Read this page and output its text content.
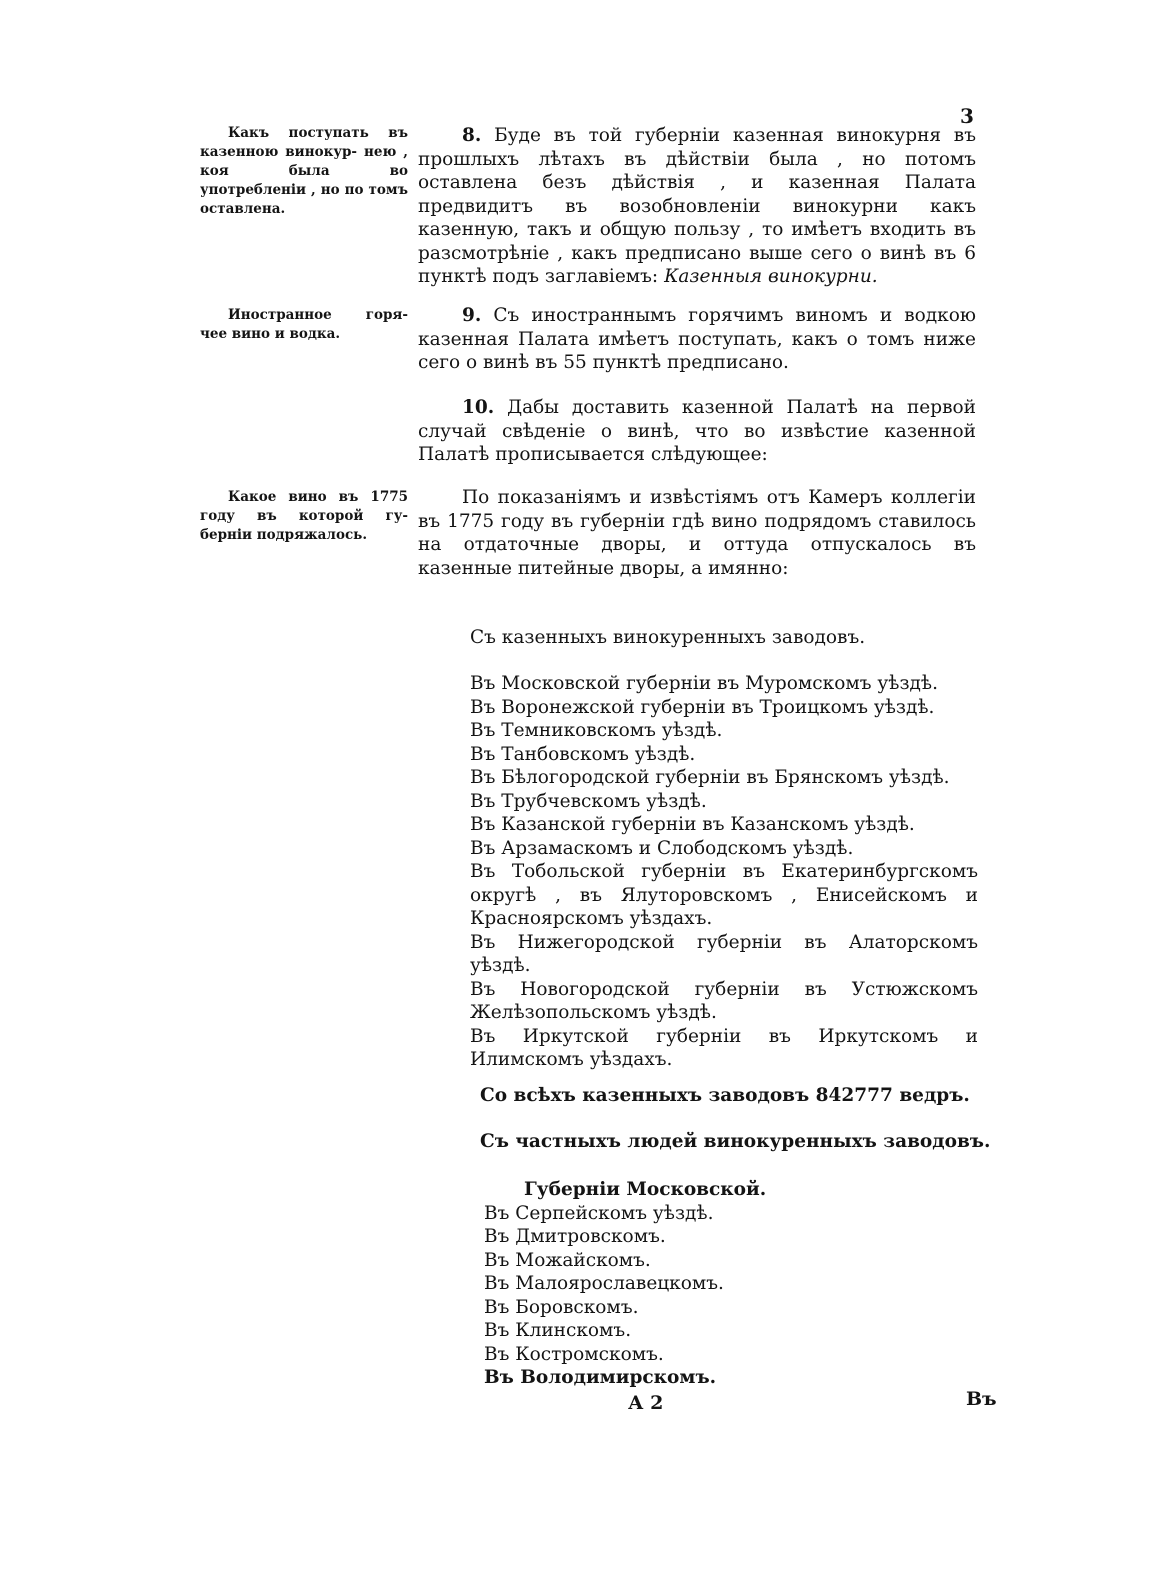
3
Какъ поступать въ казенною винокур- нею , коя была во употребленіи , но по томъ оставлена.
Иностранное горя- чее вино и водка.
Какое вино въ 1775 году въ которой гу- берніи подряжалось.

8. Буде въ той губерніи казенная винокурня въ прошлыхъ лѣтахъ въ дѣйствіи была , но потомъ оставлена безъ дѣйствія , и казенная Палата предвидитъ въ возобновленіи винокурни какъ казенную, такъ и общую пользу , то имѣетъ входить въ разсмотрѣніе , какъ предписано выше сего о винѣ въ 6 пунктѣ подъ заглавіемъ: Казенныя винокурни.

9. Съ иностраннымъ горячимъ виномъ и водкою казенная Палата имѣетъ поступать, какъ о томъ ниже сего о винѣ въ 55 пунктѣ предписано.

10. Дабы доставить казенной Палатѣ на первой случай свѣденіе о винѣ, что во извѣстие казенной Палатѣ прописывается слѣдующее:

По показаніямъ и извѣстіямъ отъ Камеръ коллегіи въ 1775 году въ губерніи гдѣ вино подрядомъ ставилось на отдаточные дворы, и оттуда отпускалось въ казенные питейные дворы, а имянно:

Съ казенныхъ винокуренныхъ заводовъ.

Въ Московской губерніи въ Муромскомъ уѣздѣ.

Въ Воронежской губерніи въ Троицкомъ уѣздѣ.

Въ Темниковскомъ уѣздѣ.

Въ Танбовскомъ уѣздѣ.

Въ Бѣлогородской губерніи въ Брянскомъ уѣздѣ.

Въ Трубчевскомъ уѣздѣ.

Въ Казанской губерніи въ Казанскомъ уѣздѣ.

Въ Арзамаскомъ и Слободскомъ уѣздѣ.

Въ Тобольской губерніи въ Екатеринбургскомъ округѣ , въ Ялуторовскомъ , Енисейскомъ и Красноярскомъ уѣздахъ.

Въ Нижегородской губерніи въ Алаторскомъ уѣздѣ.

Въ Новогородской губерніи въ Устюжскомъ Желѣзопольскомъ уѣздѣ.

Въ Иркутской губерніи въ Иркутскомъ и Илимскомъ уѣздахъ.

Со всѣхъ казенныхъ заводовъ 842777 ведръ.

Съ частныхъ людей винокуренныхъ заводовъ.

Губерніи Московской.

Въ Серпейскомъ уѣздѣ.

Въ Дмитровскомъ.

Въ Можайскомъ.

Въ Малоярославецкомъ.

Въ Боровскомъ.

Въ Клинскомъ.

Въ Костромскомъ.

Въ Володимирскомъ.

А 2	Въ
